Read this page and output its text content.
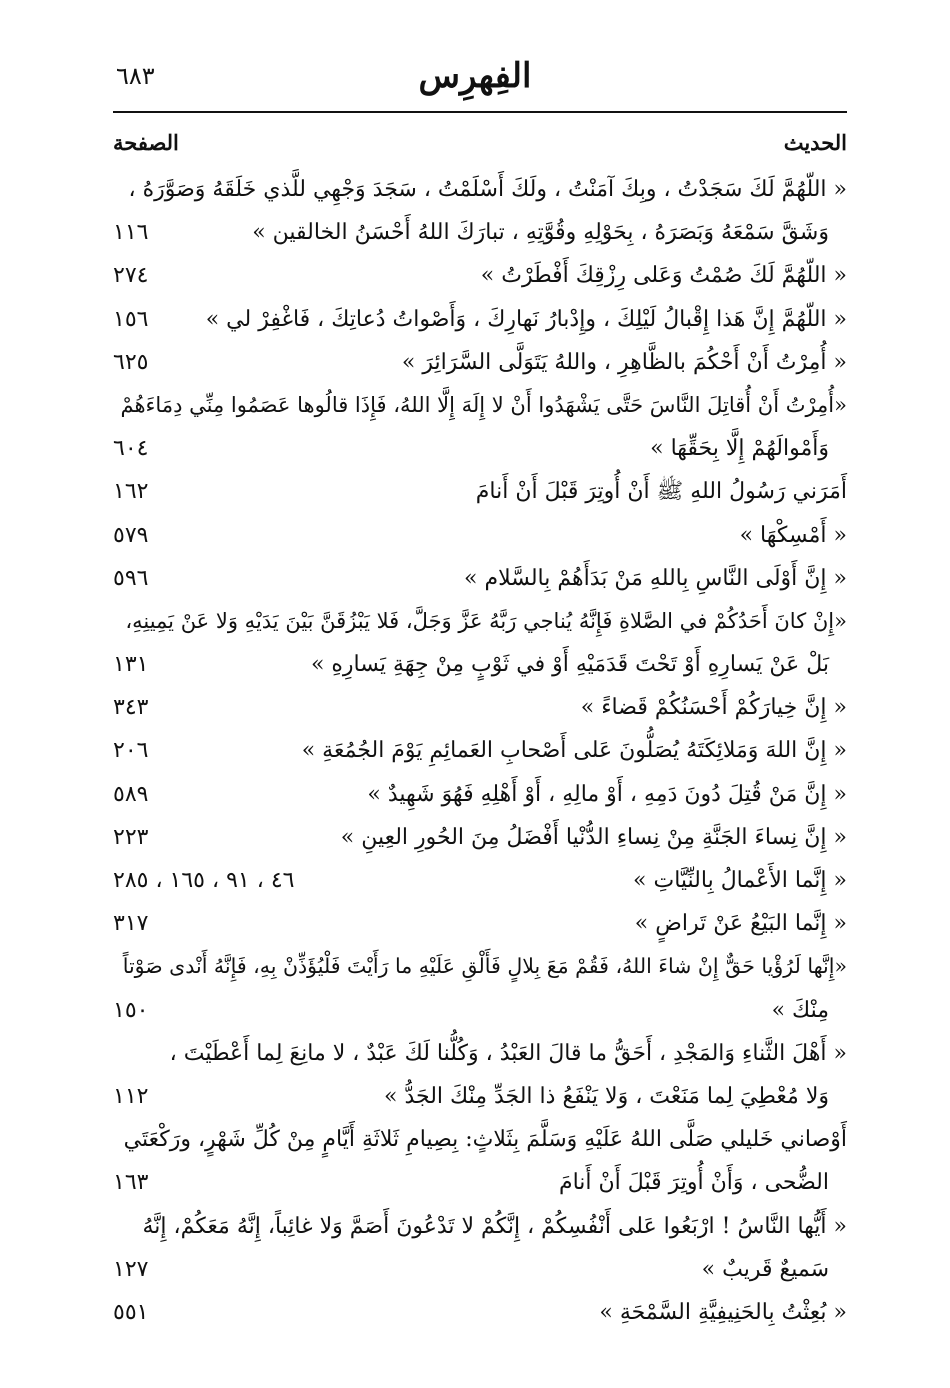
الفِهرِس
٦٨٣
الحديث
الصفحة
« اللّهُمَّ لَكَ سَجَدْتُ ، وبِكَ آمَنْتُ ، ولَكَ أَسْلَمْتُ ، سَجَدَ وَجْهِي للَّذي خَلَقَهُ وَصَوَّرَهُ ،
وَشَقَّ سَمْعَهُ وَبَصَرَهُ ، بِحَوْلِهِ وقُوَّتِهِ ، تبارَكَ اللهُ أَحْسَنُ الخالقين »
١١٦
« اللّهُمَّ لَكَ صُمْتُ وَعَلى رِزْقِكَ أَفْطَرْتُ »
٢٧٤
« اللّهُمَّ إِنَّ هَذا إِقْبالُ لَيْلِكَ ، وإِدْبارُ نَهارِكَ ، وَأَصْواتُ دُعاتِكَ ، فَاغْفِرْ لي »
١٥٦
« أُمِرْتُ أَنْ أَحْكُمَ بالظَّاهِرِ ، واللهُ يَتَوَلَّى السَّرَائِرَ »
٦٢٥
«أُمِرْتُ أَنْ أُقاتِلَ النَّاسَ حَتَّى يَشْهَدُوا أَنْ لا إِلَهَ إِلَّا اللهُ، فَإِذَا قالُوها عَصَمُوا مِنِّي دِمَاءَهُمْ
وَأَمْوالَهُمْ إِلَّا بِحَقِّهَا »
٦٠٤
أَمَرَني رَسُولُ اللهِ ﷺ أَنْ أُوتِرَ قَبْلَ أَنْ أَنامَ
١٦٢
« أَمْسِكْهَا »
٥٧٩
« إِنَّ أَوْلَى النَّاسِ بِاللهِ مَنْ بَدَأَهُمْ بِالسَّلام »
٥٩٦
«إِنْ كانَ أَحَدُكُمْ في الصَّلاةِ فَإِنَّهُ يُناجي رَبَّهُ عَزَّ وَجَلَّ، فَلا يَبْزُقَنَّ بَيْنَ يَدَيْهِ وَلا عَنْ يَمِينِهِ،
بَلْ عَنْ يَسارِهِ أَوْ تَحْتَ قَدَمَيْهِ أَوْ في ثَوْبٍ مِنْ جِهَةِ يَسارِهِ »
١٣١
« إِنَّ خِيارَكُمْ أَحْسَنُكُمْ قَضاءً »
٣٤٣
« إِنَّ اللهَ وَمَلائِكَتَهُ يُصَلُّونَ عَلى أَصْحابِ العَمائِمِ يَوْمَ الجُمُعَةِ »
٢٠٦
« إِنَّ مَنْ قُتِلَ دُونَ دَمِهِ ، أَوْ مالِهِ ، أَوْ أَهْلِهِ فَهُوَ شَهِيدٌ »
٥٨٩
« إِنَّ نِساءَ الجَنَّةِ مِنْ نِساءِ الدُّنْيا أَفْضَلُ مِنَ الحُورِ العِينِ »
٢٢٣
« إِنَّما الأَعْمالُ بِالنِّيَّاتِ »
٤٦ ، ٩١ ، ١٦٥ ، ٢٨٥
« إِنَّما البَيْعُ عَنْ تَراضٍ »
٣١٧
«إِنَّها لَرُؤْيا حَقٌّ إِنْ شاءَ اللهُ، فَقُمْ مَعَ بِلالٍ فَأَلْقِ عَلَيْهِ ما رَأَيْتَ فَلْيُؤَذِّنْ بِهِ، فَإِنَّهُ أَنْدى صَوْتاً
مِنْكَ »
١٥٠
« أَهْلَ الثَّناءِ وَالمَجْدِ ، أَحَقُّ ما قالَ العَبْدُ ، وَكُلُّنا لَكَ عَبْدٌ ، لا مانِعَ لِما أَعْطَيْتَ ،
وَلا مُعْطِيَ لِما مَنَعْتَ ، وَلا يَنْفَعُ ذا الجَدِّ مِنْكَ الجَدُّ »
١١٢
أَوْصاني خَليلي صَلَّى اللهُ عَلَيْهِ وَسَلَّمَ بِثَلاثٍ: بِصِيامِ ثَلاثَةِ أَيَّامٍ مِنْ كُلِّ شَهْرٍ، ورَكْعَتَي
الضُّحى ، وَأَنْ أُوتِرَ قَبْلَ أَنْ أَنامَ
١٦٣
« أَيُّها النَّاسُ ! ارْبَعُوا عَلى أَنْفُسِكُمْ ، إِنَّكُمْ لا تَدْعُونَ أَصَمَّ وَلا غائِباً، إِنَّهُ مَعَكُمْ، إِنَّهُ
سَميعٌ قَريبٌ »
١٢٧
« بُعِثْتُ بِالحَنِيفِيَّةِ السَّمْحَةِ »
٥٥١
